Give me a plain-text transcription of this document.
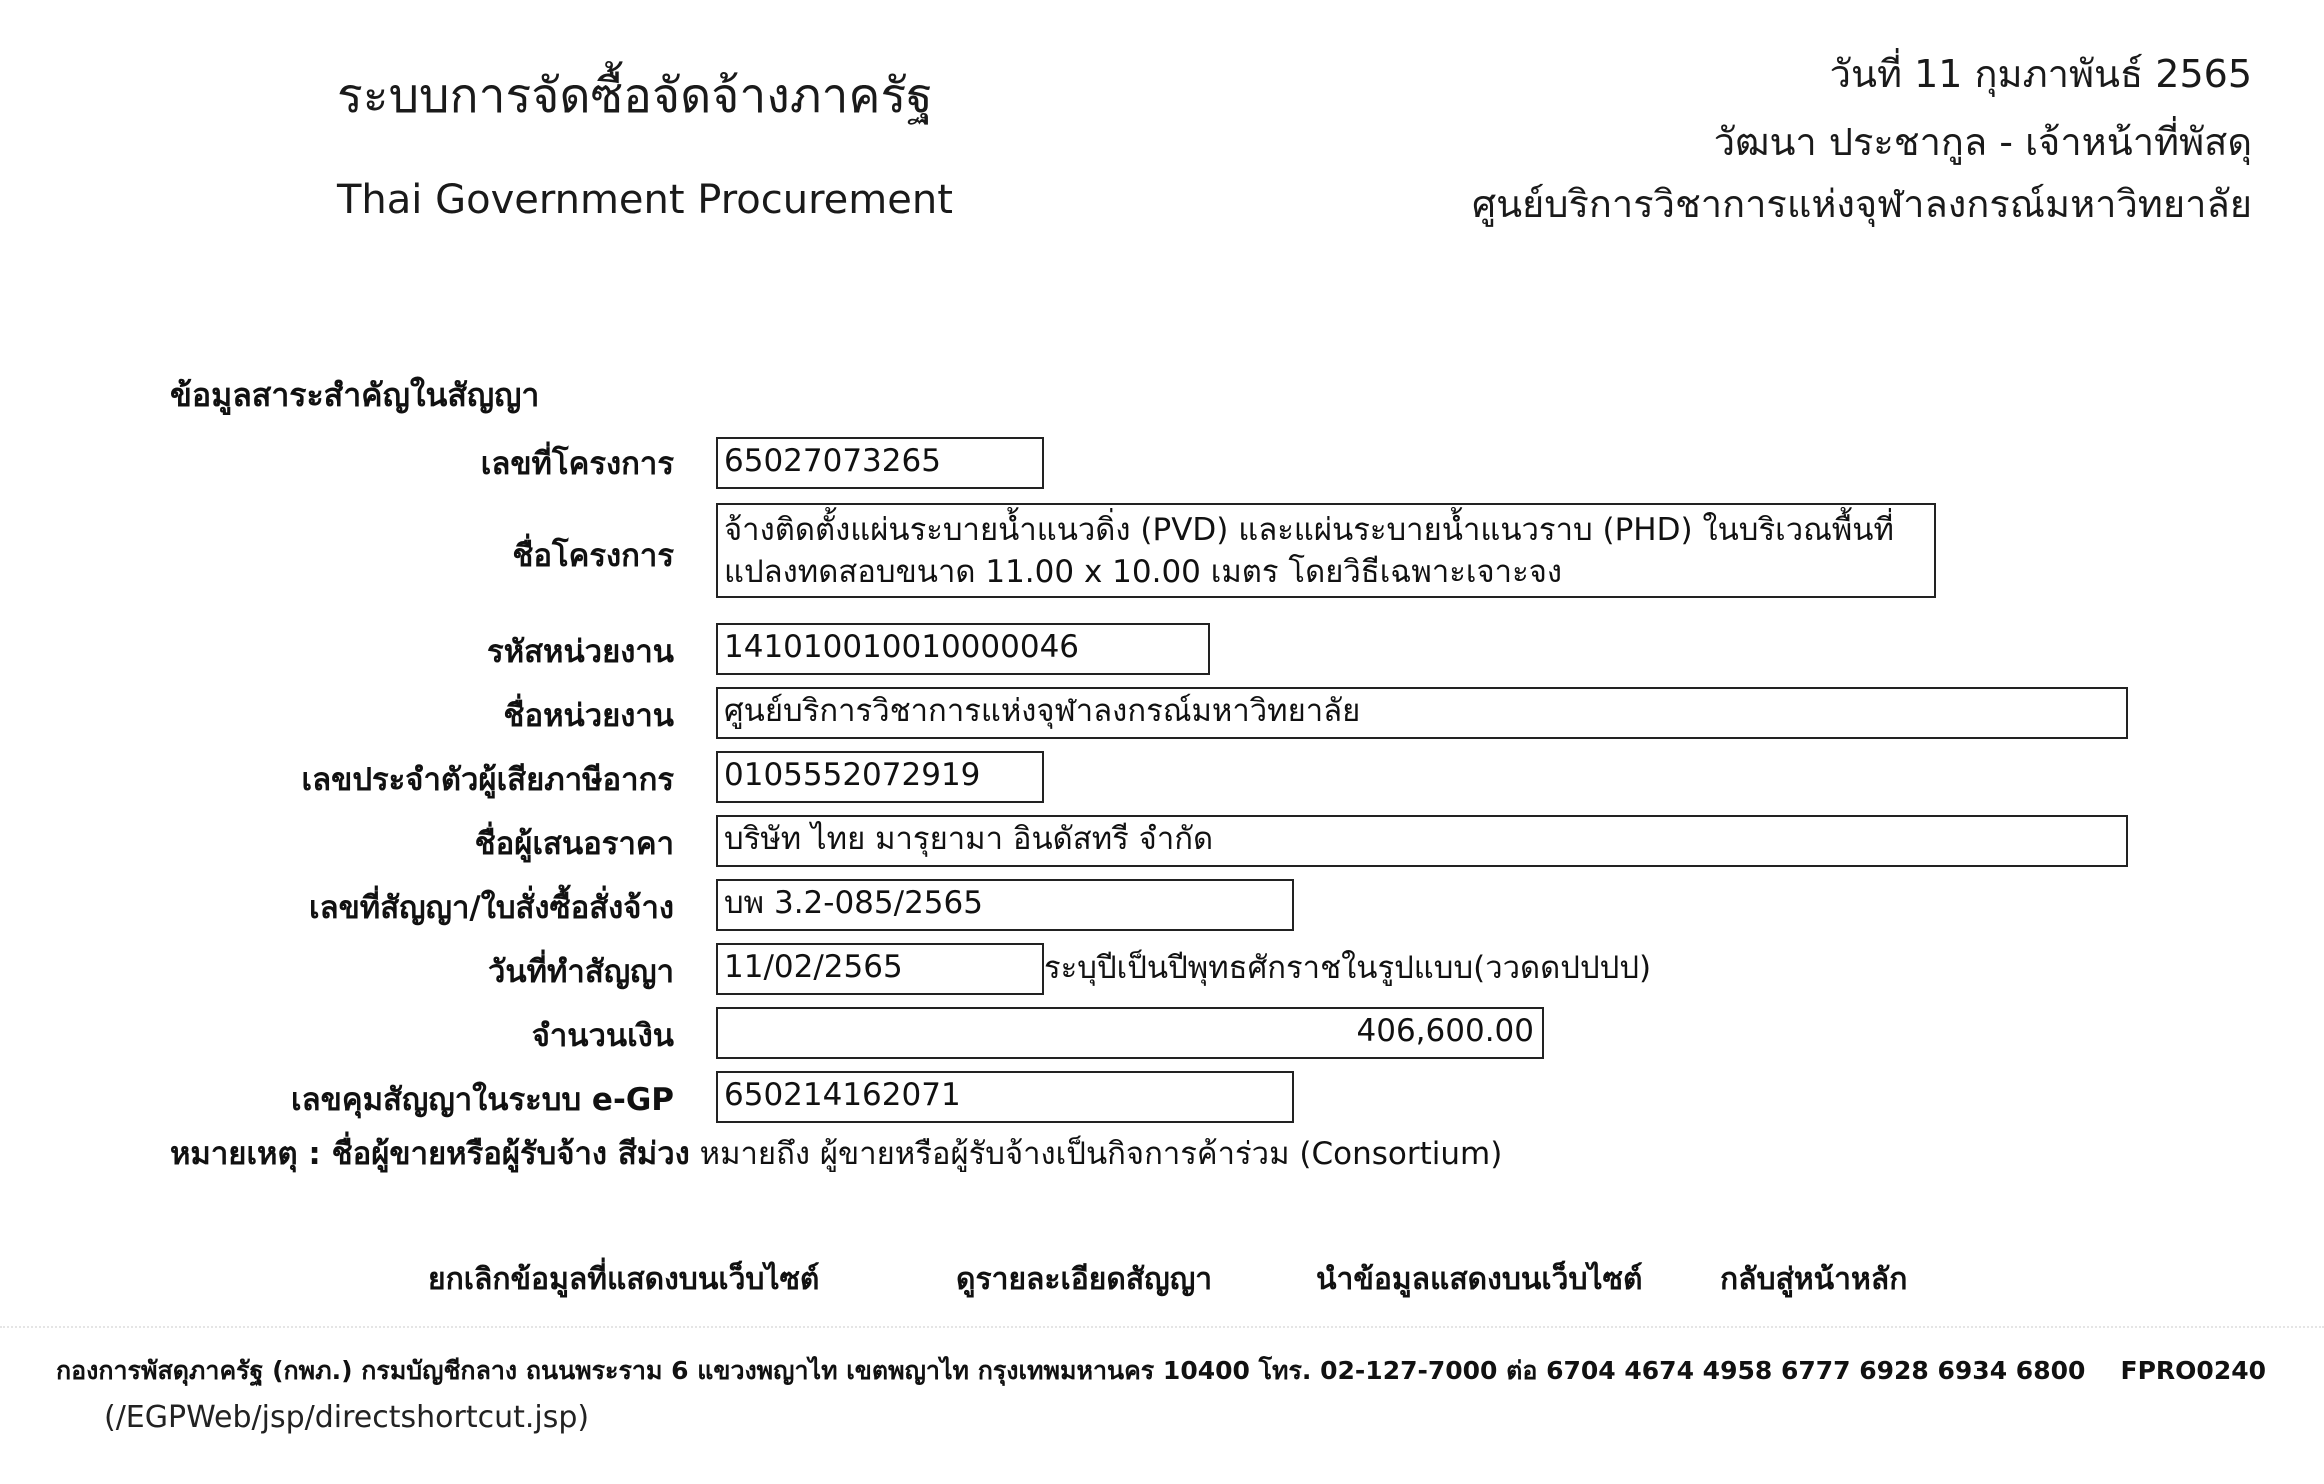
ระบบการจัดซื้อจัดจ้างภาครัฐ
Thai Government Procurement
วันที่ 11 กุมภาพันธ์ 2565
วัฒนา ประชากูล - เจ้าหน้าที่พัสดุ
ศูนย์บริการวิชาการแห่งจุฬาลงกรณ์มหาวิทยาลัย
ข้อมูลสาระสำคัญในสัญญา
เลขที่โครงการ 65027073265
ชื่อโครงการ
จ้างติดตั้งแผ่นระบายน้ำแนวดิ่ง (PVD) และแผ่นระบายน้ำแนวราบ (PHD) ในบริเวณพื้นที่แปลงทดสอบขนาด 11.00 x 10.00 เมตร โดยวิธีเฉพาะเจาะจง
รหัสหน่วยงาน 141010010010000046
ชื่อหน่วยงาน ศูนย์บริการวิชาการแห่งจุฬาลงกรณ์มหาวิทยาลัย
เลขประจำตัวผู้เสียภาษีอากร 0105552072919
ชื่อผู้เสนอราคา บริษัท ไทย มารุยามา อินดัสทรี จำกัด
เลขที่สัญญา/ใบสั่งซื้อสั่งจ้าง บพ 3.2-085/2565
วันที่ทำสัญญา 11/02/2565	ระบุปีเป็นปีพุทธศักราชในรูปแบบ(ววดดปปปป)
จำนวนเงิน	406,600.00
เลขคุมสัญญาในระบบ e-GP 650214162071
หมายเหตุ : ชื่อผู้ขายหรือผู้รับจ้าง สีม่วง หมายถึง ผู้ขายหรือผู้รับจ้างเป็นกิจการค้าร่วม (Consortium)
ยกเลิกข้อมูลที่แสดงบนเว็บไซต์	ดูรายละเอียดสัญญา	นำข้อมูลแสดงบนเว็บไซต์	กลับสู่หน้าหลัก
กองการพัสดุภาครัฐ (กพภ.) กรมบัญชีกลาง ถนนพระราม 6 แขวงพญาไท เขตพญาไท กรุงเทพมหานคร 10400 โทร. 02-127-7000 ต่อ 6704 4674 4958 6777 6928 6934 6800 FPRO0240
(/EGPWeb/jsp/directshortcut.jsp)
